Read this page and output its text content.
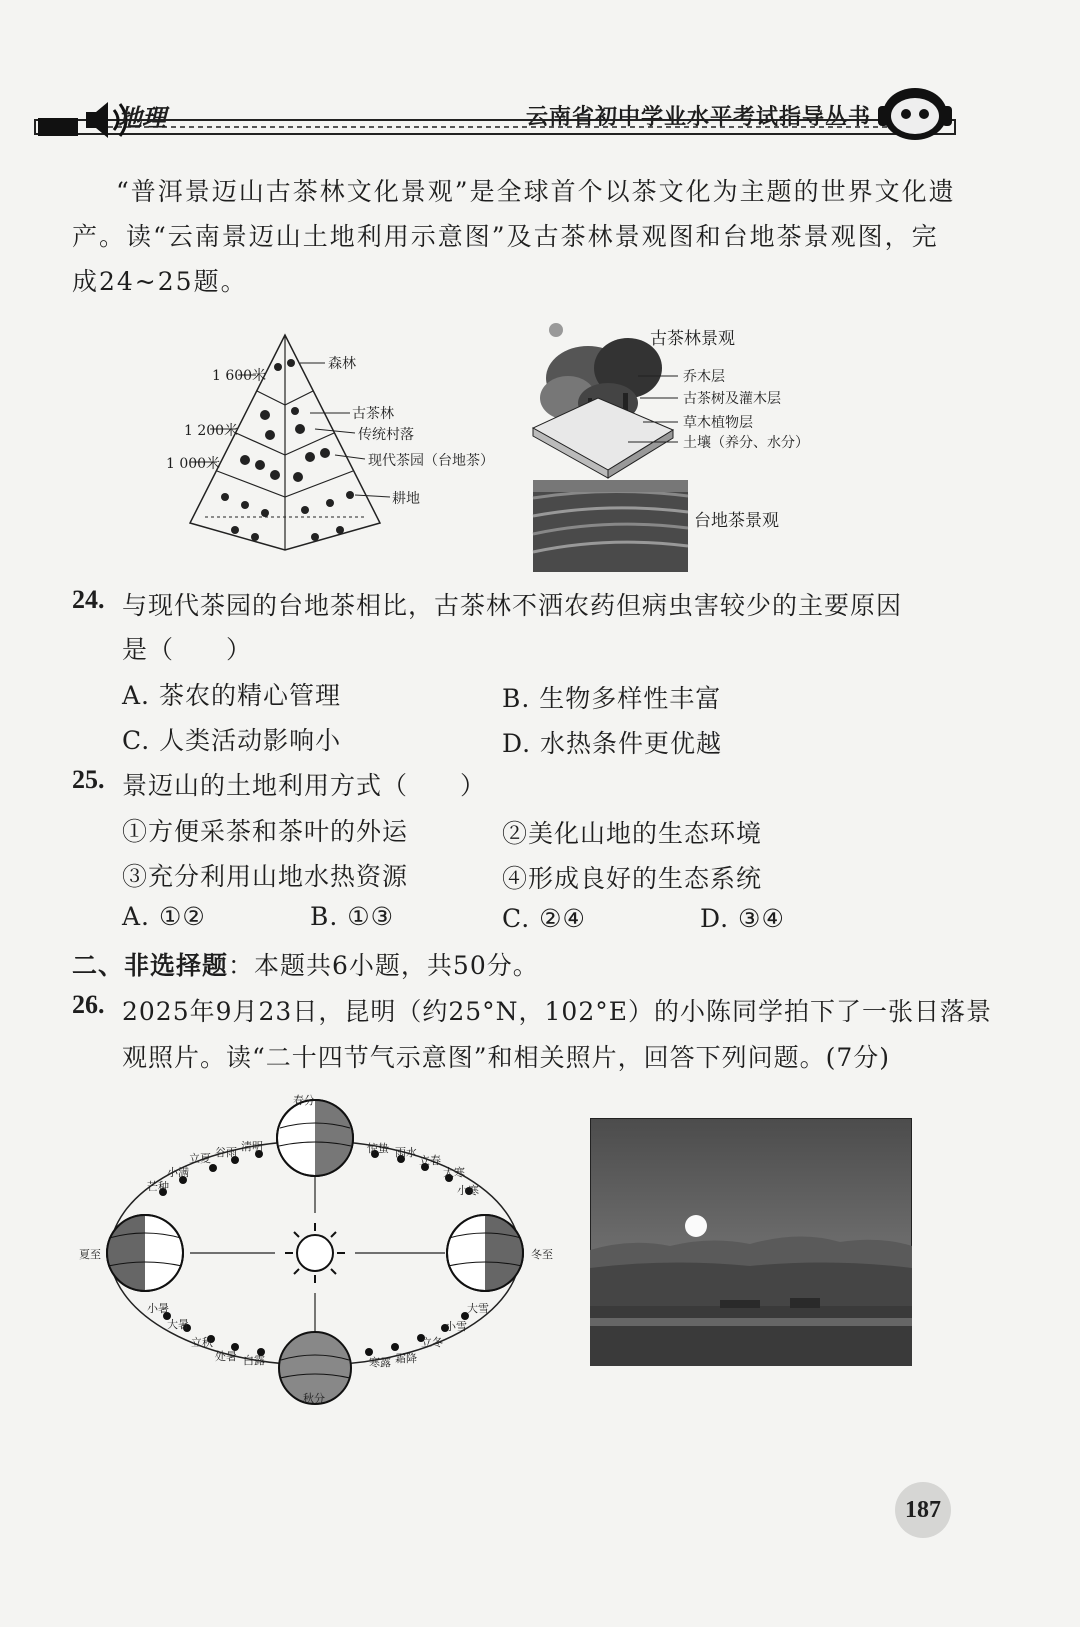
地理	云南省初中学业水平考试指导丛书
“普洱景迈山古茶林文化景观”是全球首个以茶文化为主题的世界文化遗
产。读“云南景迈山土地利用示意图”及古茶林景观图和台地茶景观图，完
成24~25题。
1 600米
1 200米
1 000米
森林
古茶林
传统村落
现代茶园（台地茶）
耕地
古茶林景观
乔木层
古茶树及灌木层
草木植物层
土壤（养分、水分）
台地茶景观
24. 与现代茶园的台地茶相比，古茶林不洒农药但病虫害较少的主要原因
是（　　）
A. 茶农的精心管理	B. 生物多样性丰富
C. 人类活动影响小	D. 水热条件更优越
25. 景迈山的土地利用方式（　　）
①方便采茶和茶叶的外运	②美化山地的生态环境
③充分利用山地水热资源	④形成良好的生态系统
A. ①②	B. ①③	C. ②④	D. ③④
二、非选择题：本题共6小题，共50分。
26. 2025年9月23日，昆明（约25°N，102°E）的小陈同学拍下了一张日落景
观照片。读“二十四节气示意图”和相关照片，回答下列问题。(7分)
春分
夏至	冬至
秋分
立夏 谷雨 清明
小满
芒种
惊蛰 雨水
立春
大寒
小寒
小暑
大暑
立秋
处暑 白露
大雪
小雪
立冬
霜降
寒露
187
